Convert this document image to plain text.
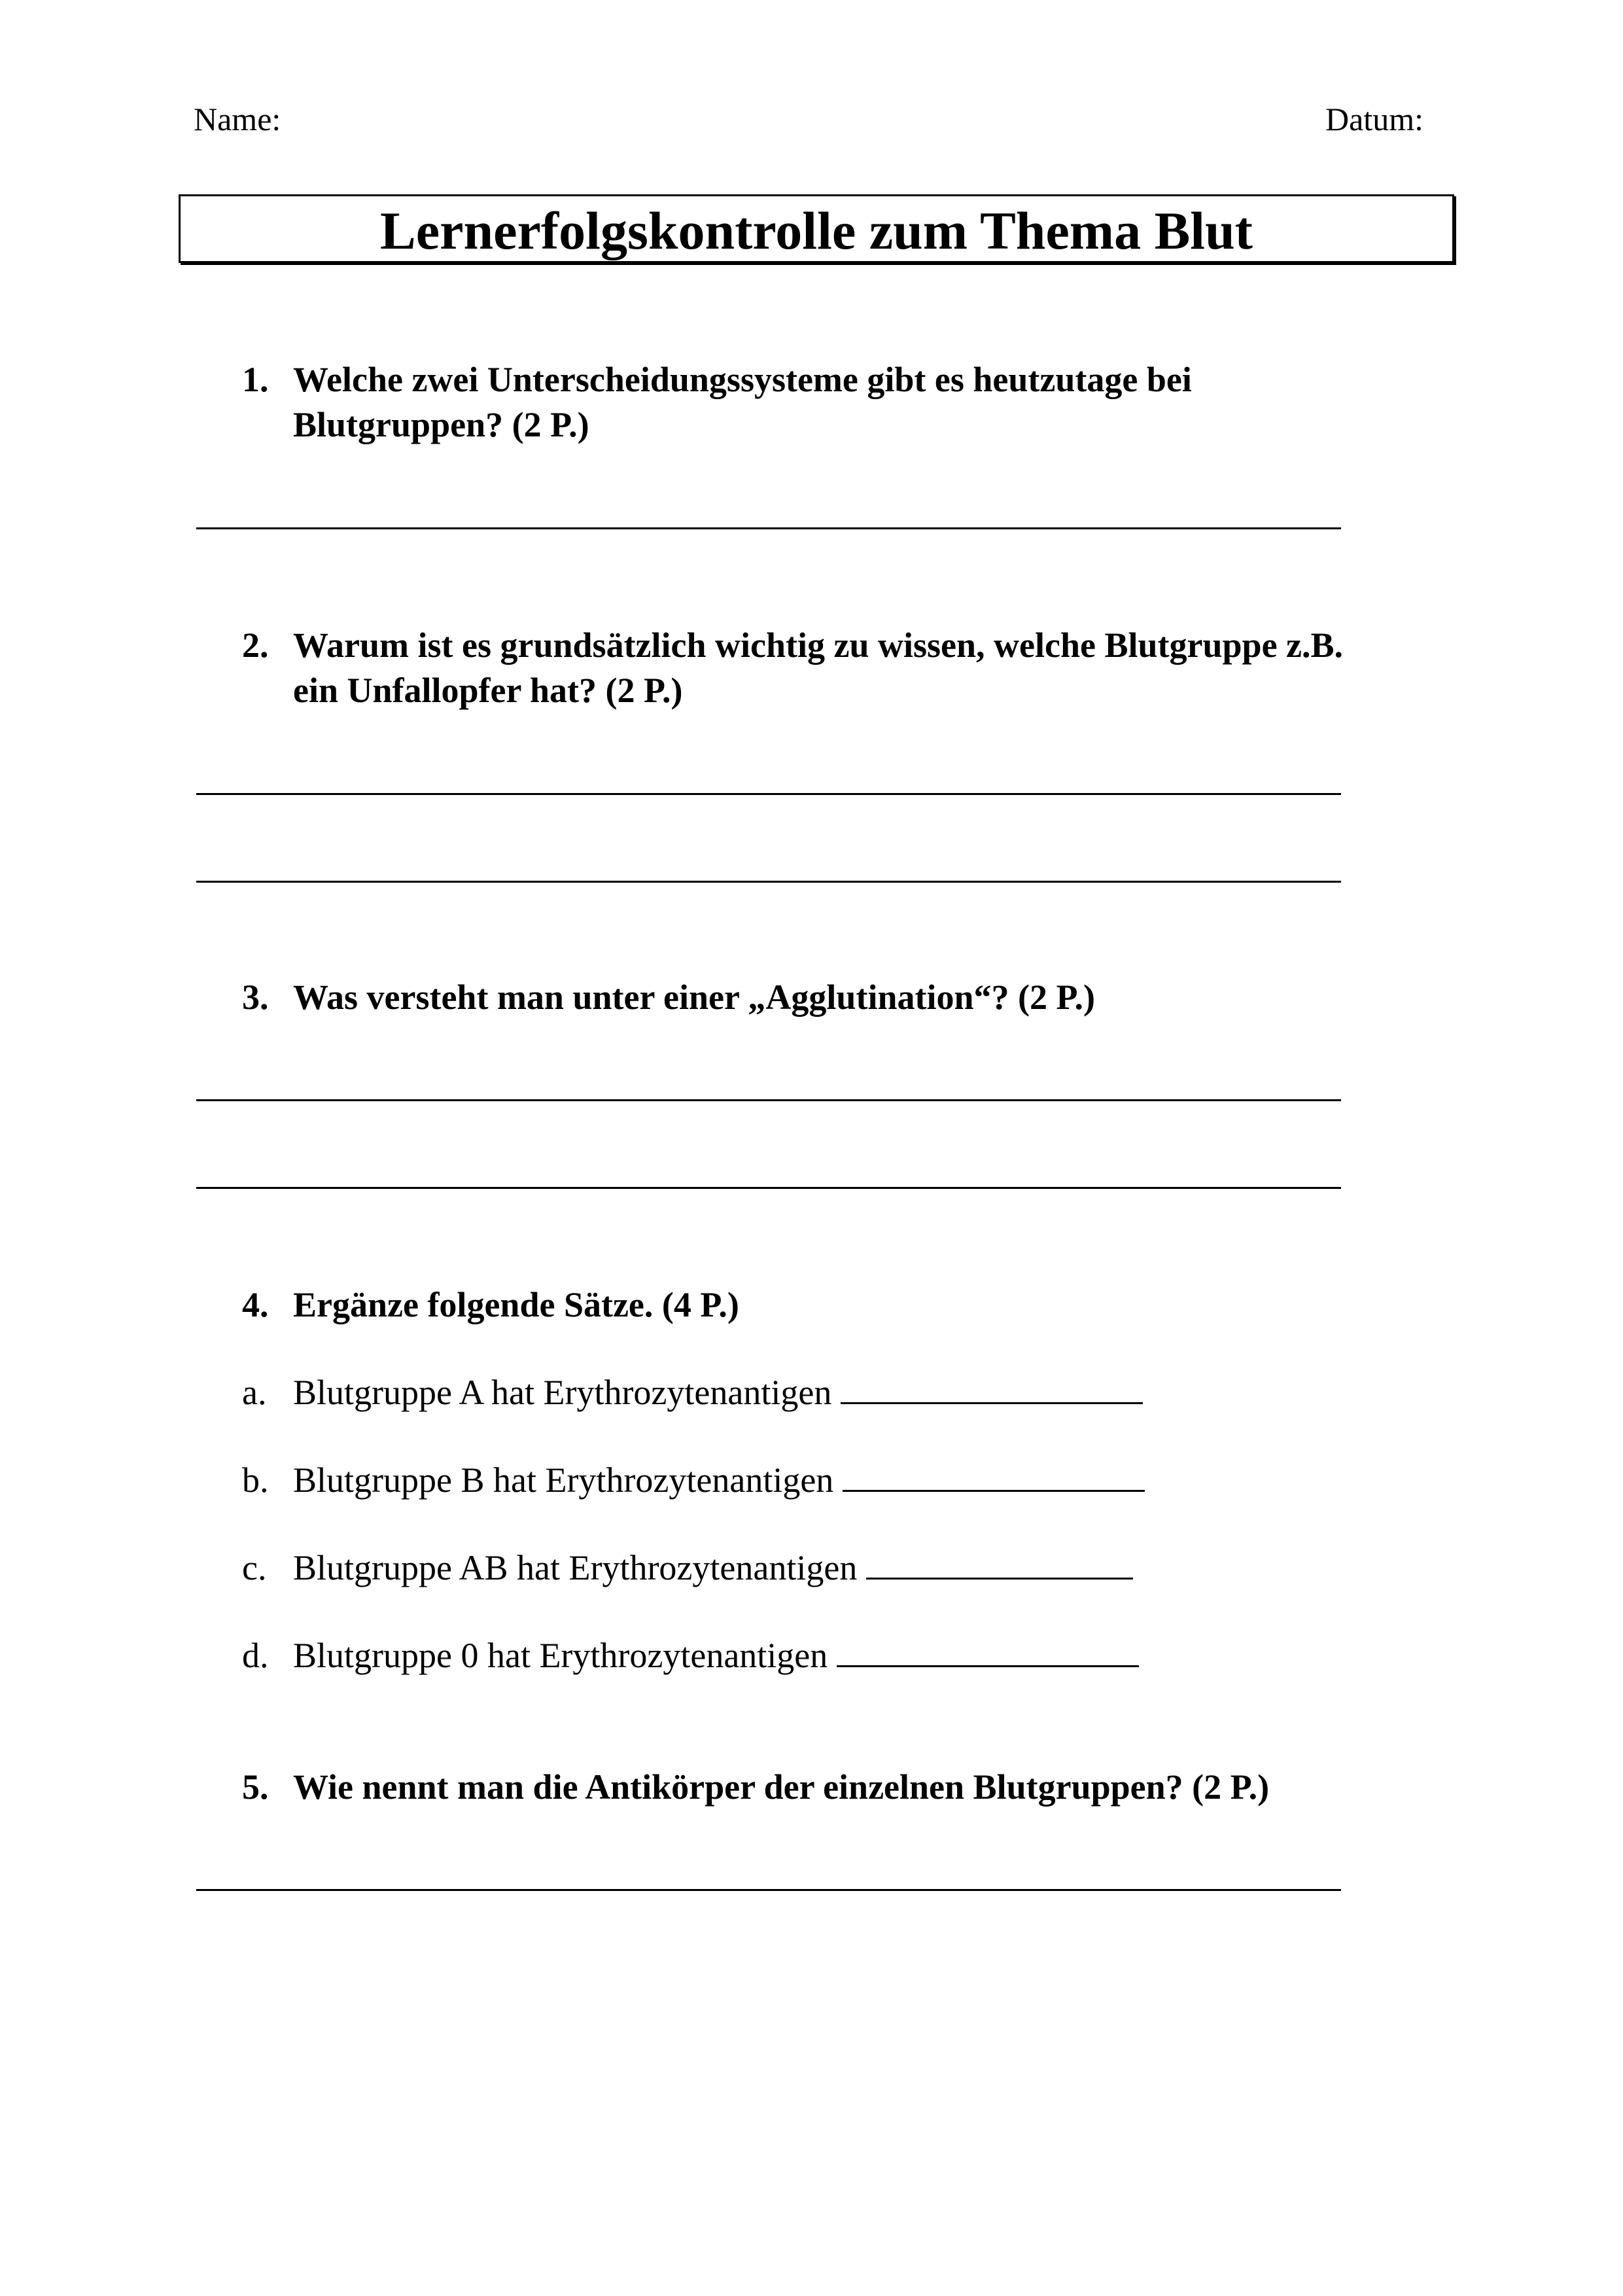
Name:	Datum:
Lernerfolgskontrolle zum Thema Blut
1. Welche zwei Unterscheidungssysteme gibt es heutzutage bei
Blutgruppen? (2 P.)
2. Warum ist es grundsätzlich wichtig zu wissen, welche Blutgruppe z.B.
ein Unfallopfer hat? (2 P.)
3. Was versteht man unter einer „Agglutination“? (2 P.)
4. Ergänze folgende Sätze. (4 P.)
a. Blutgruppe A hat Erythrozytenantigen
b. Blutgruppe B hat Erythrozytenantigen
c. Blutgruppe AB hat Erythrozytenantigen
d. Blutgruppe 0 hat Erythrozytenantigen
5. Wie nennt man die Antikörper der einzelnen Blutgruppen? (2 P.)
